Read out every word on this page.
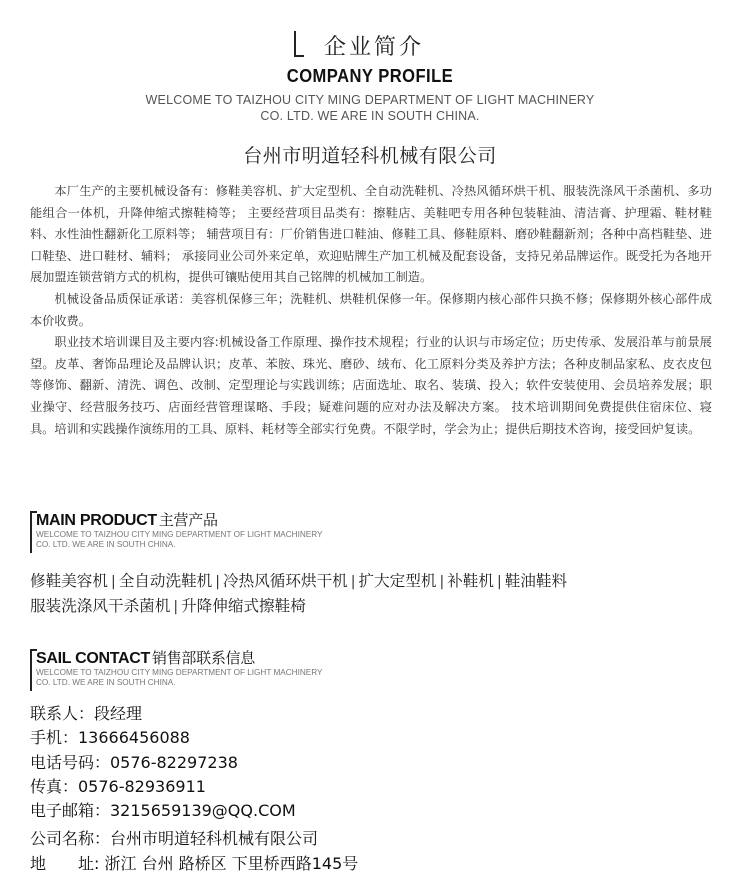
企业简介
COMPANY PROFILE
WELCOME TO TAIZHOU CITY MING DEPARTMENT OF LIGHT MACHINERY
CO. LTD. WE ARE IN SOUTH CHINA.
台州市明道轻科机械有限公司

本厂生产的主要机械设备有：修鞋美容机、扩大定型机、全自动洗鞋机、冷热风循环烘干机、服装洗涤风干杀菌机、多功能组合一体机，升降伸缩式擦鞋椅等； 主要经营项目品类有：擦鞋店、美鞋吧专用各种包装鞋油、清洁膏、护理霜、鞋材鞋料、水性油性翻新化工原料等； 辅营项目有：厂价销售进口鞋油、修鞋工具、修鞋原料、磨砂鞋翻新剂；各种中高档鞋垫、进口鞋垫、进口鞋材、辅料； 承接同业公司外来定单，欢迎贴牌生产加工机械及配套设备，支持兄弟品牌运作。既受托为各地开展加盟连锁营销方式的机构，提供可镶贴使用其自己铭牌的机械加工制造。

机械设备品质保证承诺：美容机保修三年；洗鞋机、烘鞋机保修一年。保修期内核心部件只换不修；保修期外核心部件成本价收费。

职业技术培训课目及主要内容:机械设备工作原理、操作技术规程；行业的认识与市场定位；历史传承、发展沿革与前景展望。皮革、奢饰品理论及品牌认识；皮革、苯胺、珠光、磨砂、绒布、化工原料分类及养护方法；各种皮制品家私、皮衣皮包等修饰、翻新、清洗、调色、改制、定型理论与实践训练；店面选址、取名、装璜、投入；软件安装使用、会员培养发展；职业操守、经营服务技巧、店面经营管理谋略、手段；疑难问题的应对办法及解决方案。 技术培训期间免费提供住宿床位、寝具。培训和实践操作演练用的工具、原料、耗材等全部实行免费。不限学时，学会为止；提供后期技术咨询，接受回炉复读。

MAIN PRODUCT 主营产品
WELCOME TO TAIZHOU CITY MING DEPARTMENT OF LIGHT MACHINERY
CO. LTD. WE ARE IN SOUTH CHINA.
修鞋美容机 | 全自动洗鞋机 | 冷热风循环烘干机 | 扩大定型机 | 补鞋机 | 鞋油鞋料
服装洗涤风干杀菌机 | 升降伸缩式擦鞋椅
SAIL CONTACT 销售部联系信息
WELCOME TO TAIZHOU CITY MING DEPARTMENT OF LIGHT MACHINERY
CO. LTD. WE ARE IN SOUTH CHINA.
联系人：段经理
手机：13666456088
电话号码：0576-82297238
传真：0576-82936911
电子邮箱：3215659139@QQ.COM
公司名称：台州市明道轻科机械有限公司
地　　址: 浙江 台州 路桥区 下里桥西路145号
